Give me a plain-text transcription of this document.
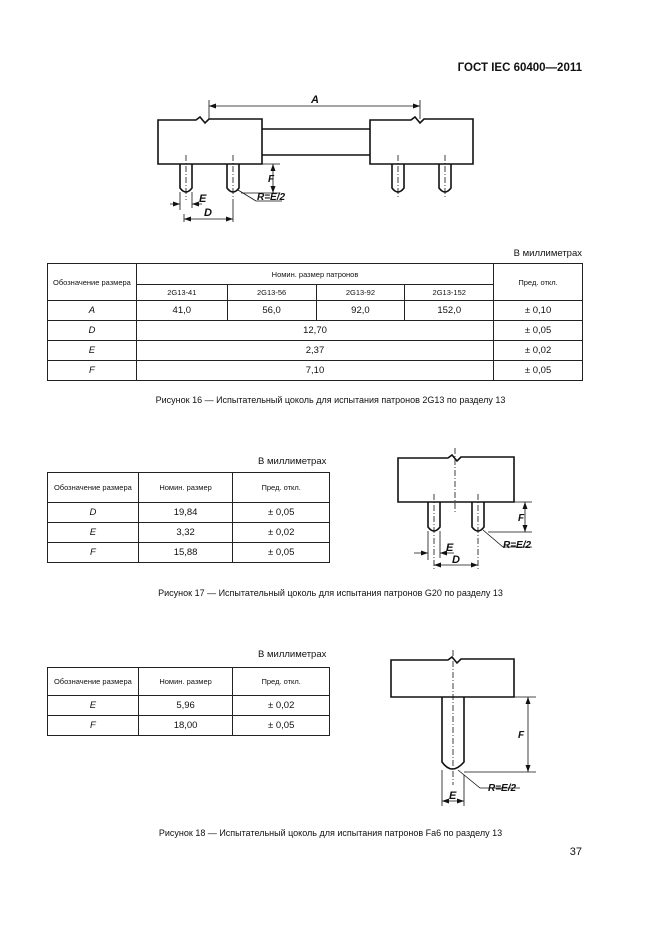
ГОСТ IEC 60400—2011
A
F
E
D
R=E/2
В миллиметрах
Обозначение размера	Номин. размер патронов				Пред. откл.
	2G13-41	2G13-56	2G13-92	2G13-152	
A	41,0	56,0	92,0	152,0	± 0,10
D	12,70				± 0,05
E	2,37				± 0,02
F	7,10				± 0,05
Рисунок 16 — Испытательный цоколь для испытания патронов 2G13 по разделу 13
В миллиметрах
Обозначение размера	Номин. размер	Пред. откл.
D	19,84	± 0,05
E	3,32	± 0,02
F	15,88	± 0,05
F
E
D
R=E/2
Рисунок 17 — Испытательный цоколь для испытания патронов G20 по разделу 13
В миллиметрах
Обозначение размера	Номин. размер	Пред. откл.
E	5,96	± 0,02
F	18,00	± 0,05
F
E
R=E/2
Рисунок 18 — Испытательный цоколь для испытания патронов Fa6 по разделу 13
37
